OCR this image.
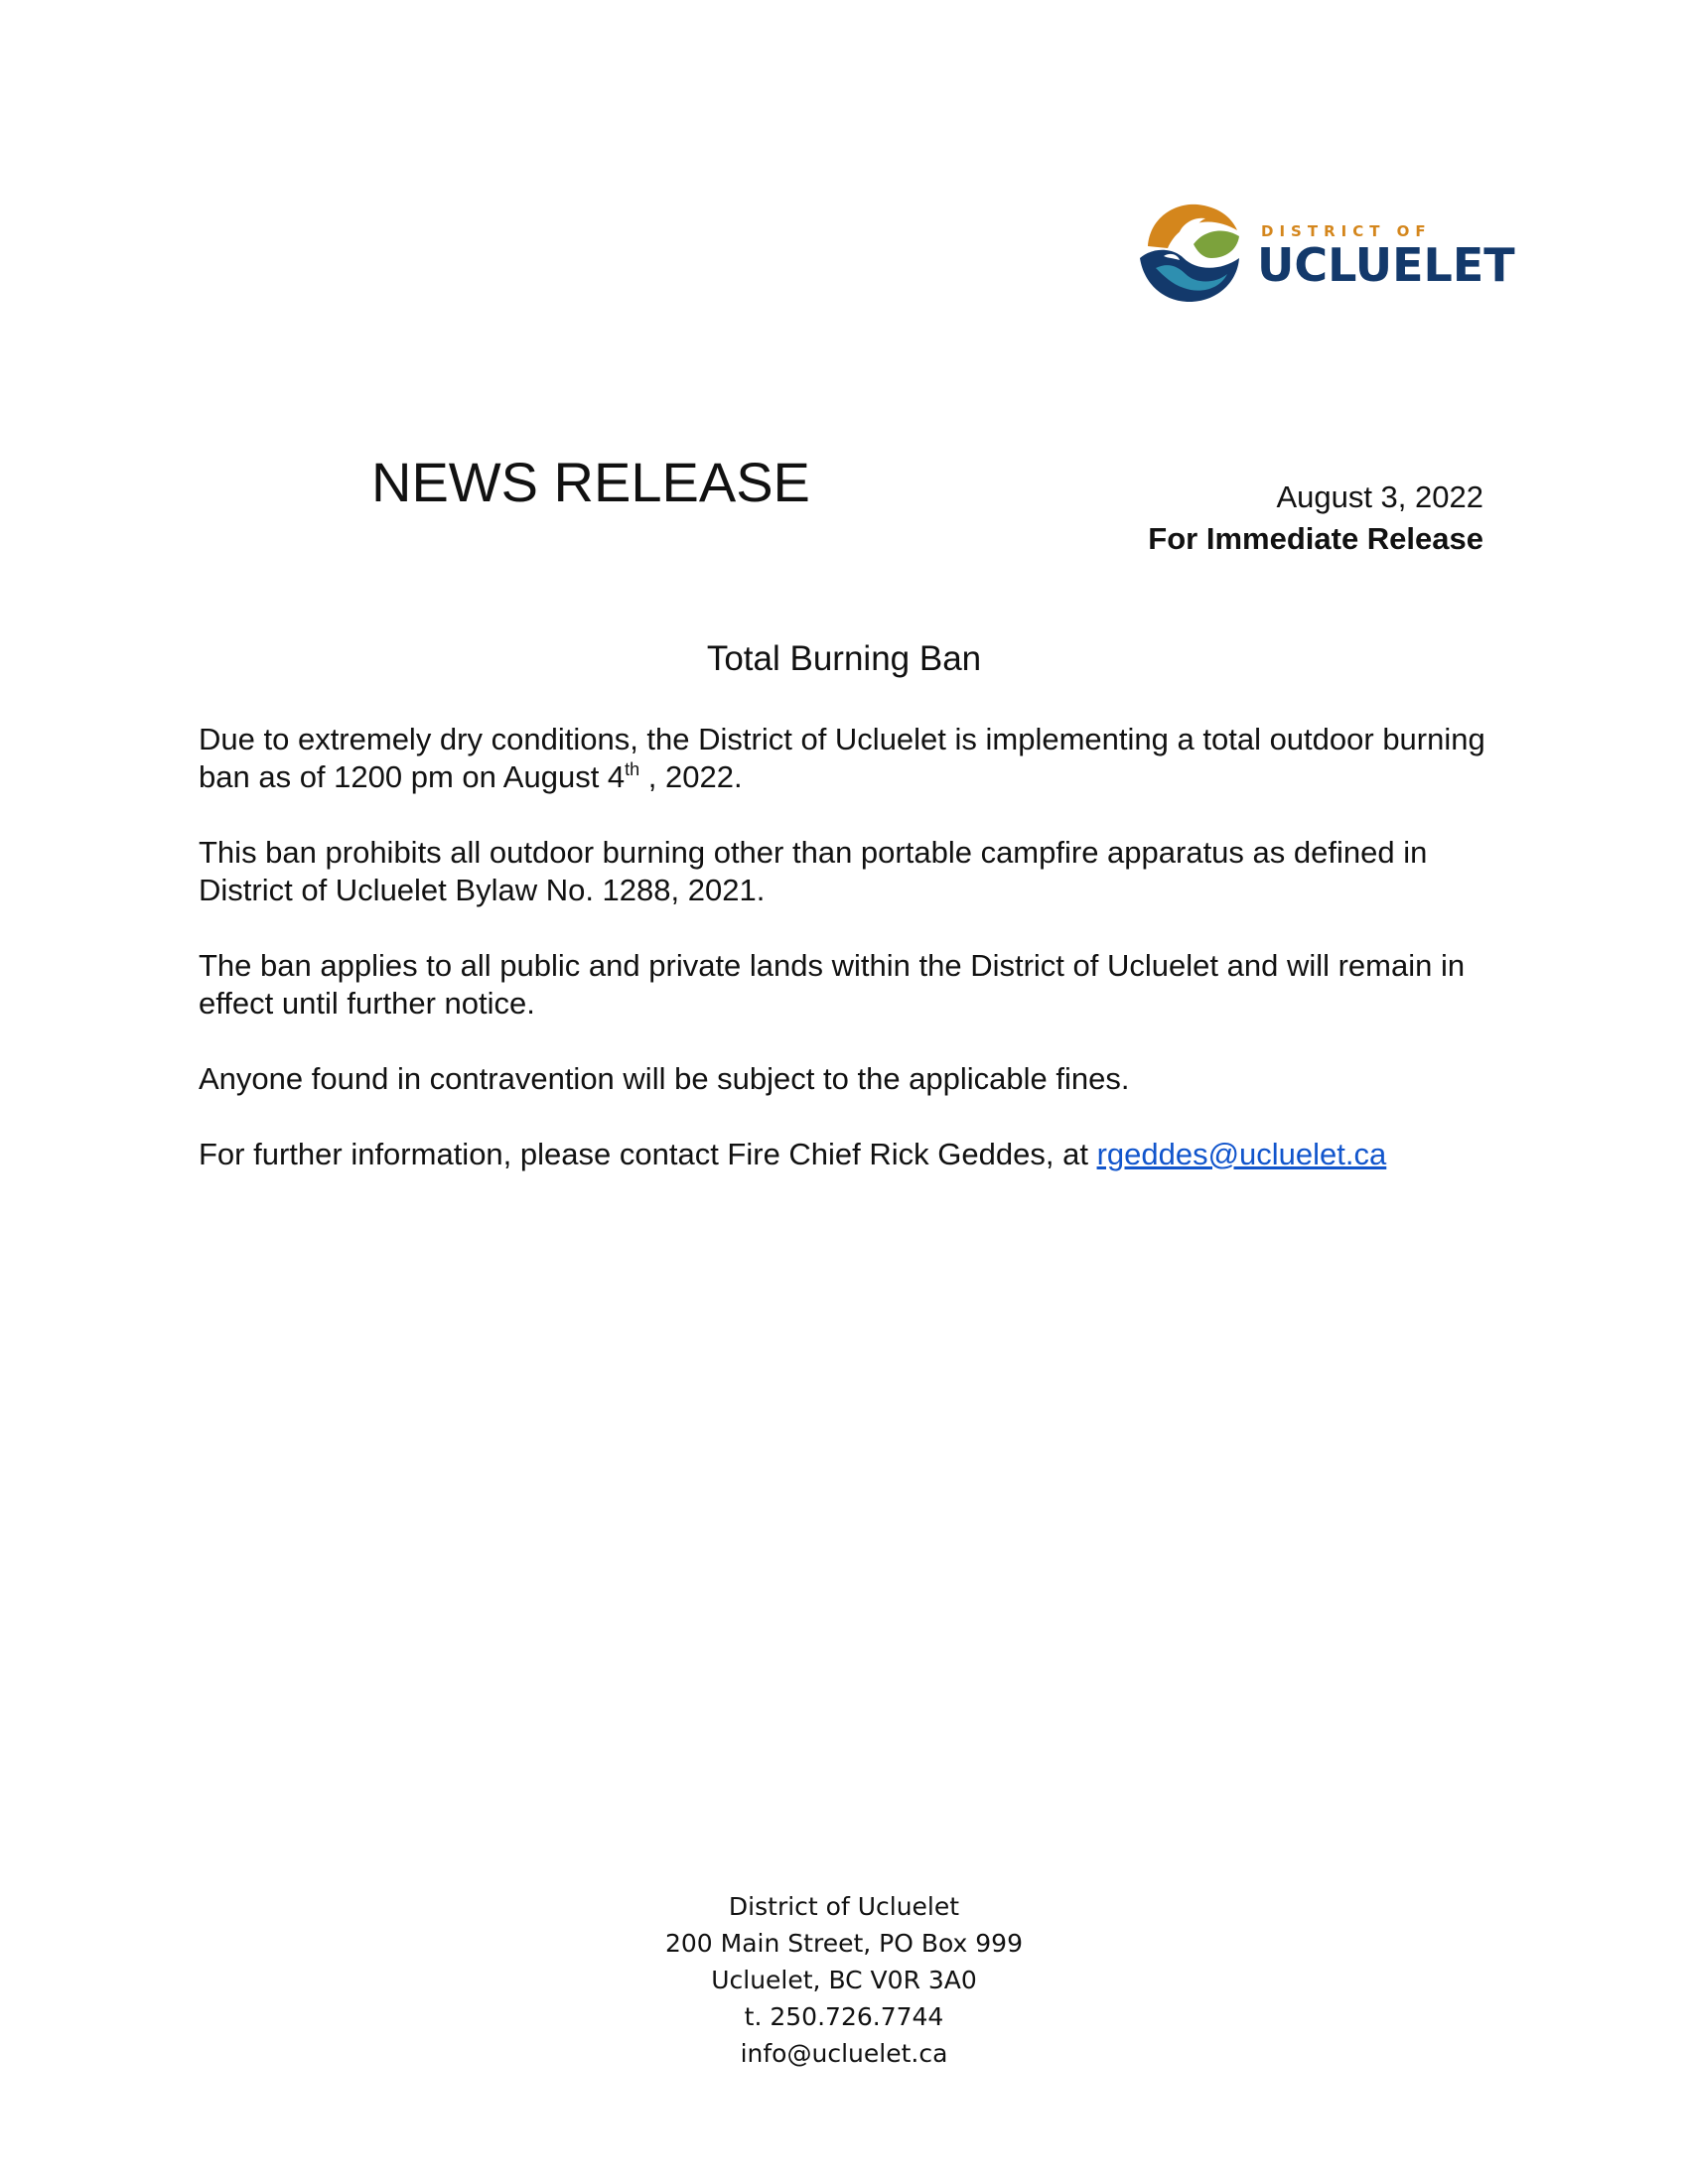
DISTRICT OF
UCLUELET
NEWS RELEASE	August 3, 2022
For Immediate Release
Total Burning Ban

Due to extremely dry conditions, the District of Ucluelet is implementing a total outdoor burning ban as of 1200 pm on August 4th , 2022.

This ban prohibits all outdoor burning other than portable campfire apparatus as defined in District of Ucluelet Bylaw No. 1288, 2021.

The ban applies to all public and private lands within the District of Ucluelet and will remain in effect until further notice.

Anyone found in contravention will be subject to the applicable fines.

For further information, please contact Fire Chief Rick Geddes, at rgeddes@ucluelet.ca

District of Ucluelet
200 Main Street, PO Box 999
Ucluelet, BC V0R 3A0
t. 250.726.7744
info@ucluelet.ca
